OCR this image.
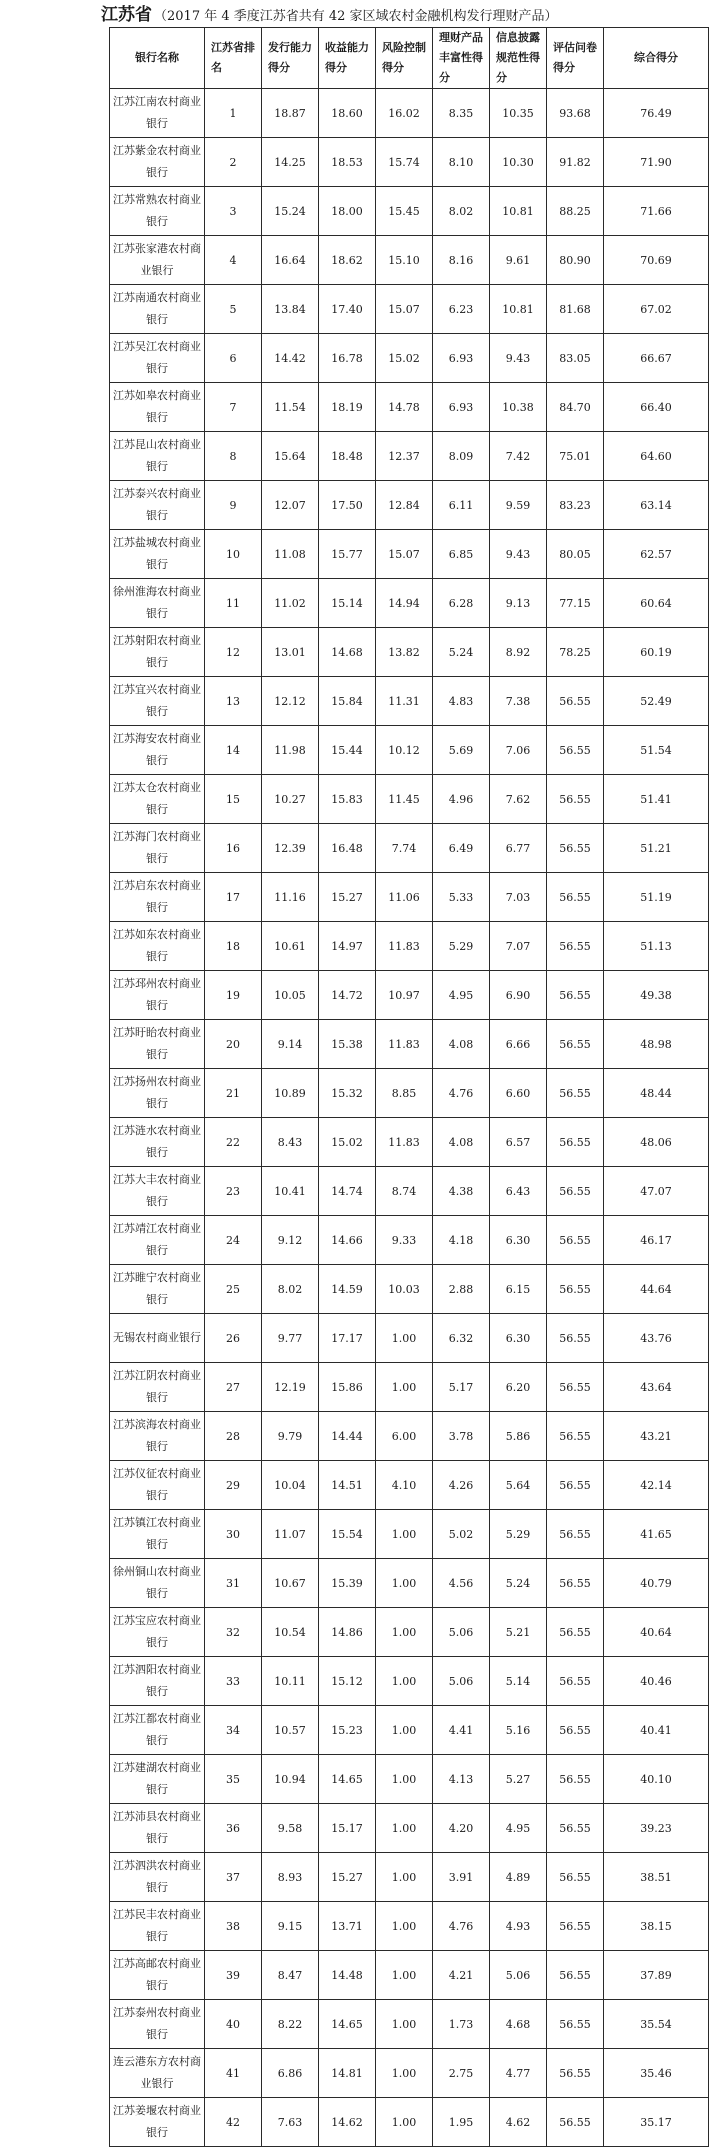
江苏省 （2017 年 4 季度江苏省共有 42 家区域农村金融机构发行理财产品）
银行名称	江苏省排名	发行能力得分	收益能力得分	风险控制得分	理财产品丰富性得分	信息披露规范性得分	评估问卷得分	综合得分
江苏江南农村商业银行	1	18.87	18.60	16.02	8.35	10.35	93.68	76.49
江苏紫金农村商业银行	2	14.25	18.53	15.74	8.10	10.30	91.82	71.90
江苏常熟农村商业银行	3	15.24	18.00	15.45	8.02	10.81	88.25	71.66
江苏张家港农村商业银行	4	16.64	18.62	15.10	8.16	9.61	80.90	70.69
江苏南通农村商业银行	5	13.84	17.40	15.07	6.23	10.81	81.68	67.02
江苏吴江农村商业银行	6	14.42	16.78	15.02	6.93	9.43	83.05	66.67
江苏如皋农村商业银行	7	11.54	18.19	14.78	6.93	10.38	84.70	66.40
江苏昆山农村商业银行	8	15.64	18.48	12.37	8.09	7.42	75.01	64.60
江苏泰兴农村商业银行	9	12.07	17.50	12.84	6.11	9.59	83.23	63.14
江苏盐城农村商业银行	10	11.08	15.77	15.07	6.85	9.43	80.05	62.57
徐州淮海农村商业银行	11	11.02	15.14	14.94	6.28	9.13	77.15	60.64
江苏射阳农村商业银行	12	13.01	14.68	13.82	5.24	8.92	78.25	60.19
江苏宜兴农村商业银行	13	12.12	15.84	11.31	4.83	7.38	56.55	52.49
江苏海安农村商业银行	14	11.98	15.44	10.12	5.69	7.06	56.55	51.54
江苏太仓农村商业银行	15	10.27	15.83	11.45	4.96	7.62	56.55	51.41
江苏海门农村商业银行	16	12.39	16.48	7.74	6.49	6.77	56.55	51.21
江苏启东农村商业银行	17	11.16	15.27	11.06	5.33	7.03	56.55	51.19
江苏如东农村商业银行	18	10.61	14.97	11.83	5.29	7.07	56.55	51.13
江苏邳州农村商业银行	19	10.05	14.72	10.97	4.95	6.90	56.55	49.38
江苏盱眙农村商业银行	20	9.14	15.38	11.83	4.08	6.66	56.55	48.98
江苏扬州农村商业银行	21	10.89	15.32	8.85	4.76	6.60	56.55	48.44
江苏涟水农村商业银行	22	8.43	15.02	11.83	4.08	6.57	56.55	48.06
江苏大丰农村商业银行	23	10.41	14.74	8.74	4.38	6.43	56.55	47.07
江苏靖江农村商业银行	24	9.12	14.66	9.33	4.18	6.30	56.55	46.17
江苏睢宁农村商业银行	25	8.02	14.59	10.03	2.88	6.15	56.55	44.64
无锡农村商业银行	26	9.77	17.17	1.00	6.32	6.30	56.55	43.76
江苏江阴农村商业银行	27	12.19	15.86	1.00	5.17	6.20	56.55	43.64
江苏滨海农村商业银行	28	9.79	14.44	6.00	3.78	5.86	56.55	43.21
江苏仪征农村商业银行	29	10.04	14.51	4.10	4.26	5.64	56.55	42.14
江苏镇江农村商业银行	30	11.07	15.54	1.00	5.02	5.29	56.55	41.65
徐州铜山农村商业银行	31	10.67	15.39	1.00	4.56	5.24	56.55	40.79
江苏宝应农村商业银行	32	10.54	14.86	1.00	5.06	5.21	56.55	40.64
江苏泗阳农村商业银行	33	10.11	15.12	1.00	5.06	5.14	56.55	40.46
江苏江都农村商业银行	34	10.57	15.23	1.00	4.41	5.16	56.55	40.41
江苏建湖农村商业银行	35	10.94	14.65	1.00	4.13	5.27	56.55	40.10
江苏沛县农村商业银行	36	9.58	15.17	1.00	4.20	4.95	56.55	39.23
江苏泗洪农村商业银行	37	8.93	15.27	1.00	3.91	4.89	56.55	38.51
江苏民丰农村商业银行	38	9.15	13.71	1.00	4.76	4.93	56.55	38.15
江苏高邮农村商业银行	39	8.47	14.48	1.00	4.21	5.06	56.55	37.89
江苏泰州农村商业银行	40	8.22	14.65	1.00	1.73	4.68	56.55	35.54
连云港东方农村商业银行	41	6.86	14.81	1.00	2.75	4.77	56.55	35.46
江苏姜堰农村商业银行	42	7.63	14.62	1.00	1.95	4.62	56.55	35.17
